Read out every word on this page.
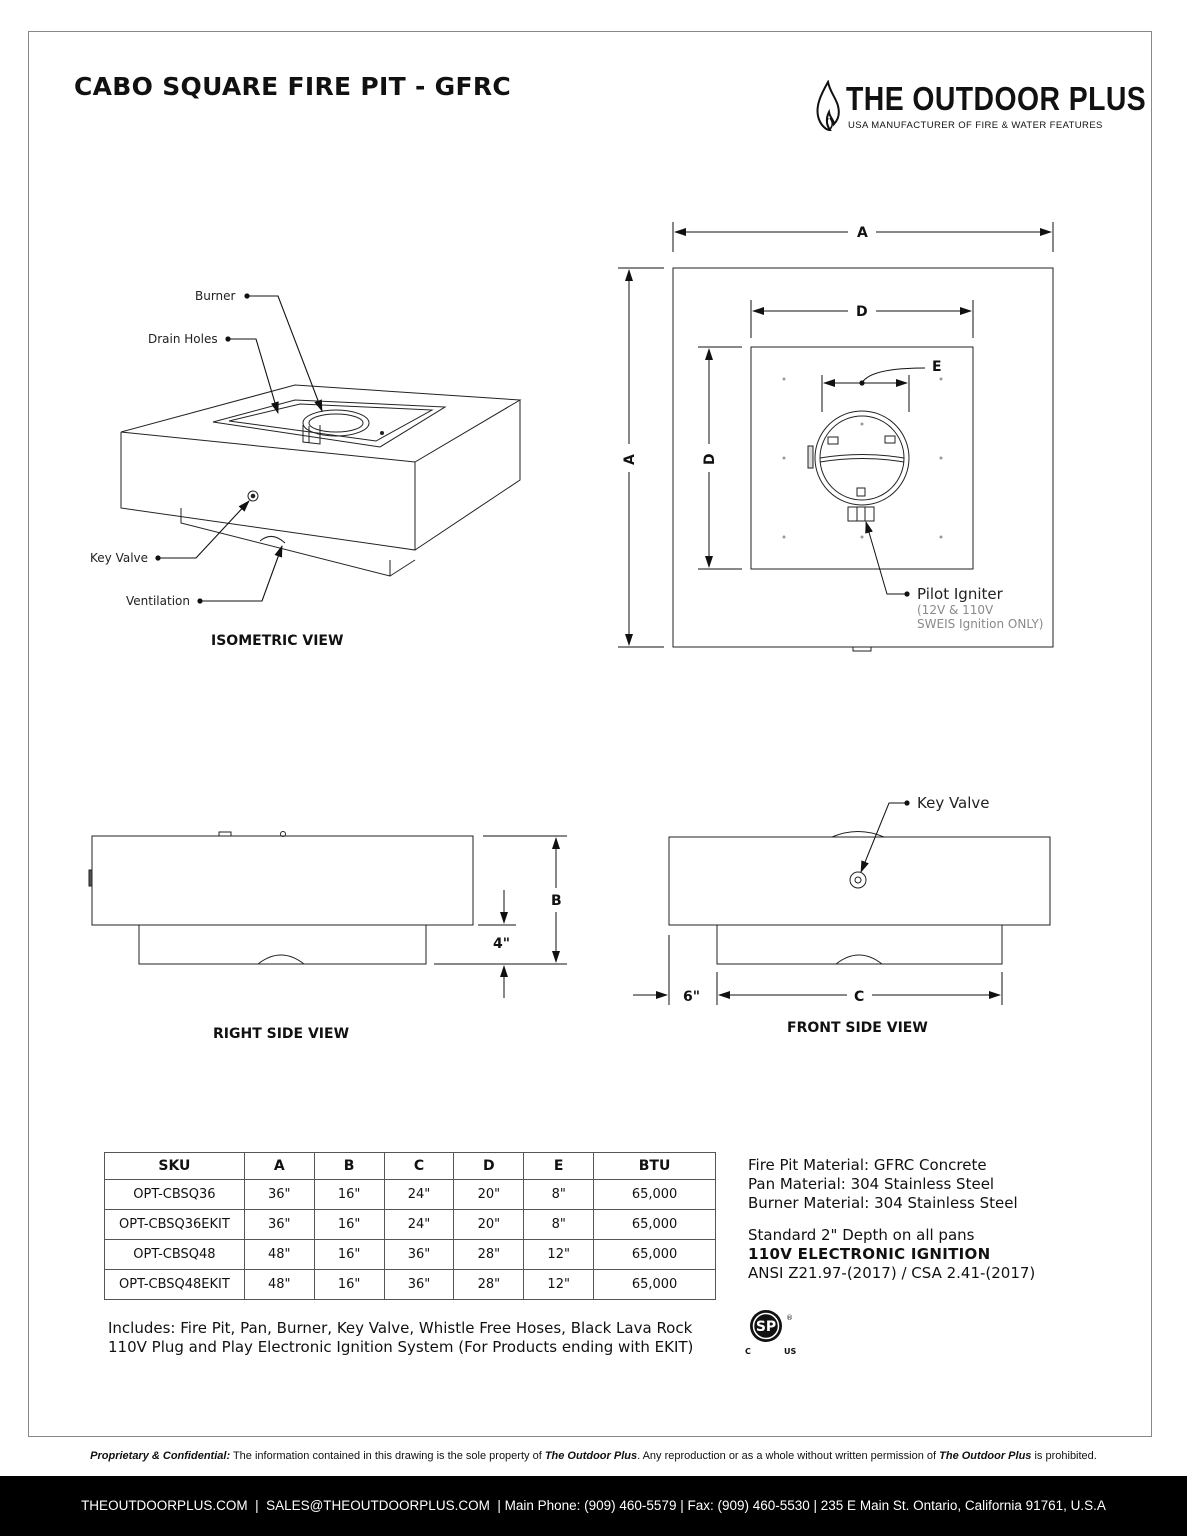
CABO SQUARE FIRE PIT - GFRC	THE OUTDOOR PLUS
USA MANUFACTURER OF FIRE & WATER FEATURES
Burner
Drain Holes
Key Valve
Ventilation
ISOMETRIC VIEW
A
D
E
A	D
Pilot Igniter
(12V & 110V
SWEIS Ignition ONLY)
B
4"
RIGHT SIDE VIEW
Key Valve
6"	C
FRONT SIDE VIEW
SKU	A	B	C	D	E	BTU
OPT-CBSQ36	36"	16"	24"	20"	8"	65,000
OPT-CBSQ36EKIT	36"	16"	24"	20"	8"	65,000
OPT-CBSQ48	48"	16"	36"	28"	12"	65,000
OPT-CBSQ48EKIT	48"	16"	36"	28"	12"	65,000
Fire Pit Material: GFRC Concrete
Pan Material: 304 Stainless Steel
Burner Material: 304 Stainless Steel
Standard 2" Depth on all pans
110V ELECTRONIC IGNITION
ANSI Z21.97-(2017) / CSA 2.41-(2017)
Includes: Fire Pit, Pan, Burner, Key Valve, Whistle Free Hoses, Black Lava Rock
110V Plug and Play Electronic Ignition System (For Products ending with EKIT)
SP
®
C	US
Proprietary & Confidential: The information contained in this drawing is the sole property of The Outdoor Plus. Any reproduction or as a whole without written permission of The Outdoor Plus is prohibited.
THEOUTDOORPLUS.COM  |  SALES@THEOUTDOORPLUS.COM  | Main Phone: (909) 460-5579 | Fax: (909) 460-5530 | 235 E Main St. Ontario, California 91761, U.S.A
